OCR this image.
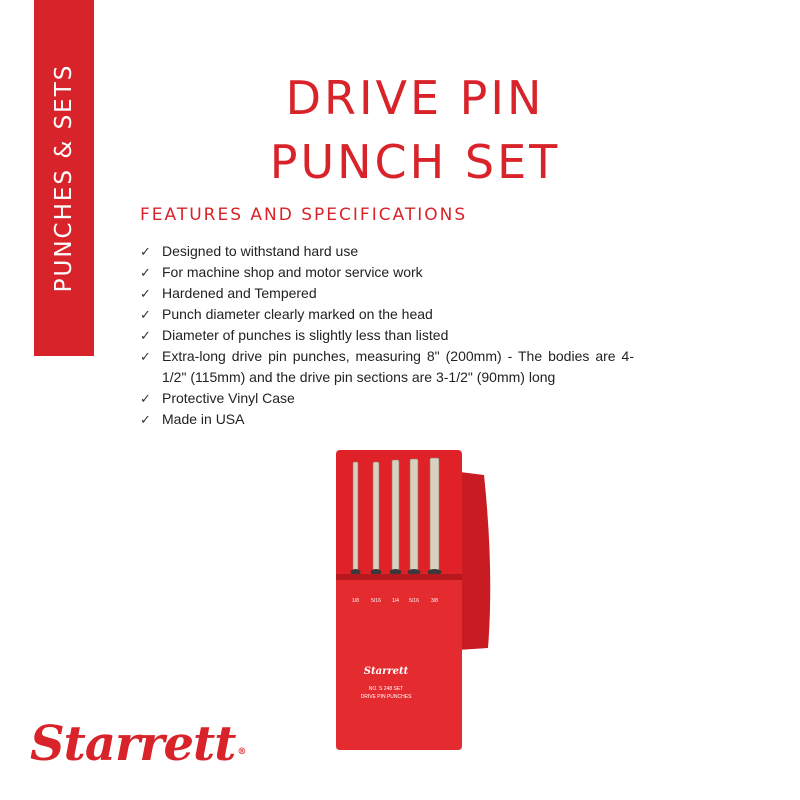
PUNCHES & SETS	DRIVE PIN
PUNCH SET
FEATURES AND SPECIFICATIONS
✓ Designed to withstand hard use
✓ For machine shop and motor service work
✓ Hardened and Tempered
✓ Punch diameter clearly marked on the head
✓ Diameter of punches is slightly less than listed
✓ Extra-long drive pin punches, measuring 8" (200mm) - The bodies are 4-1/2" (115mm) and the drive pin sections are 3-1/2" (90mm) long
✓ Protective Vinyl Case
✓ Made in USA
1/8 5/16 1/4 5/16 3/8
Starrett
NO. S 248 SET
DRIVE PIN PUNCHES
Starrett ®
